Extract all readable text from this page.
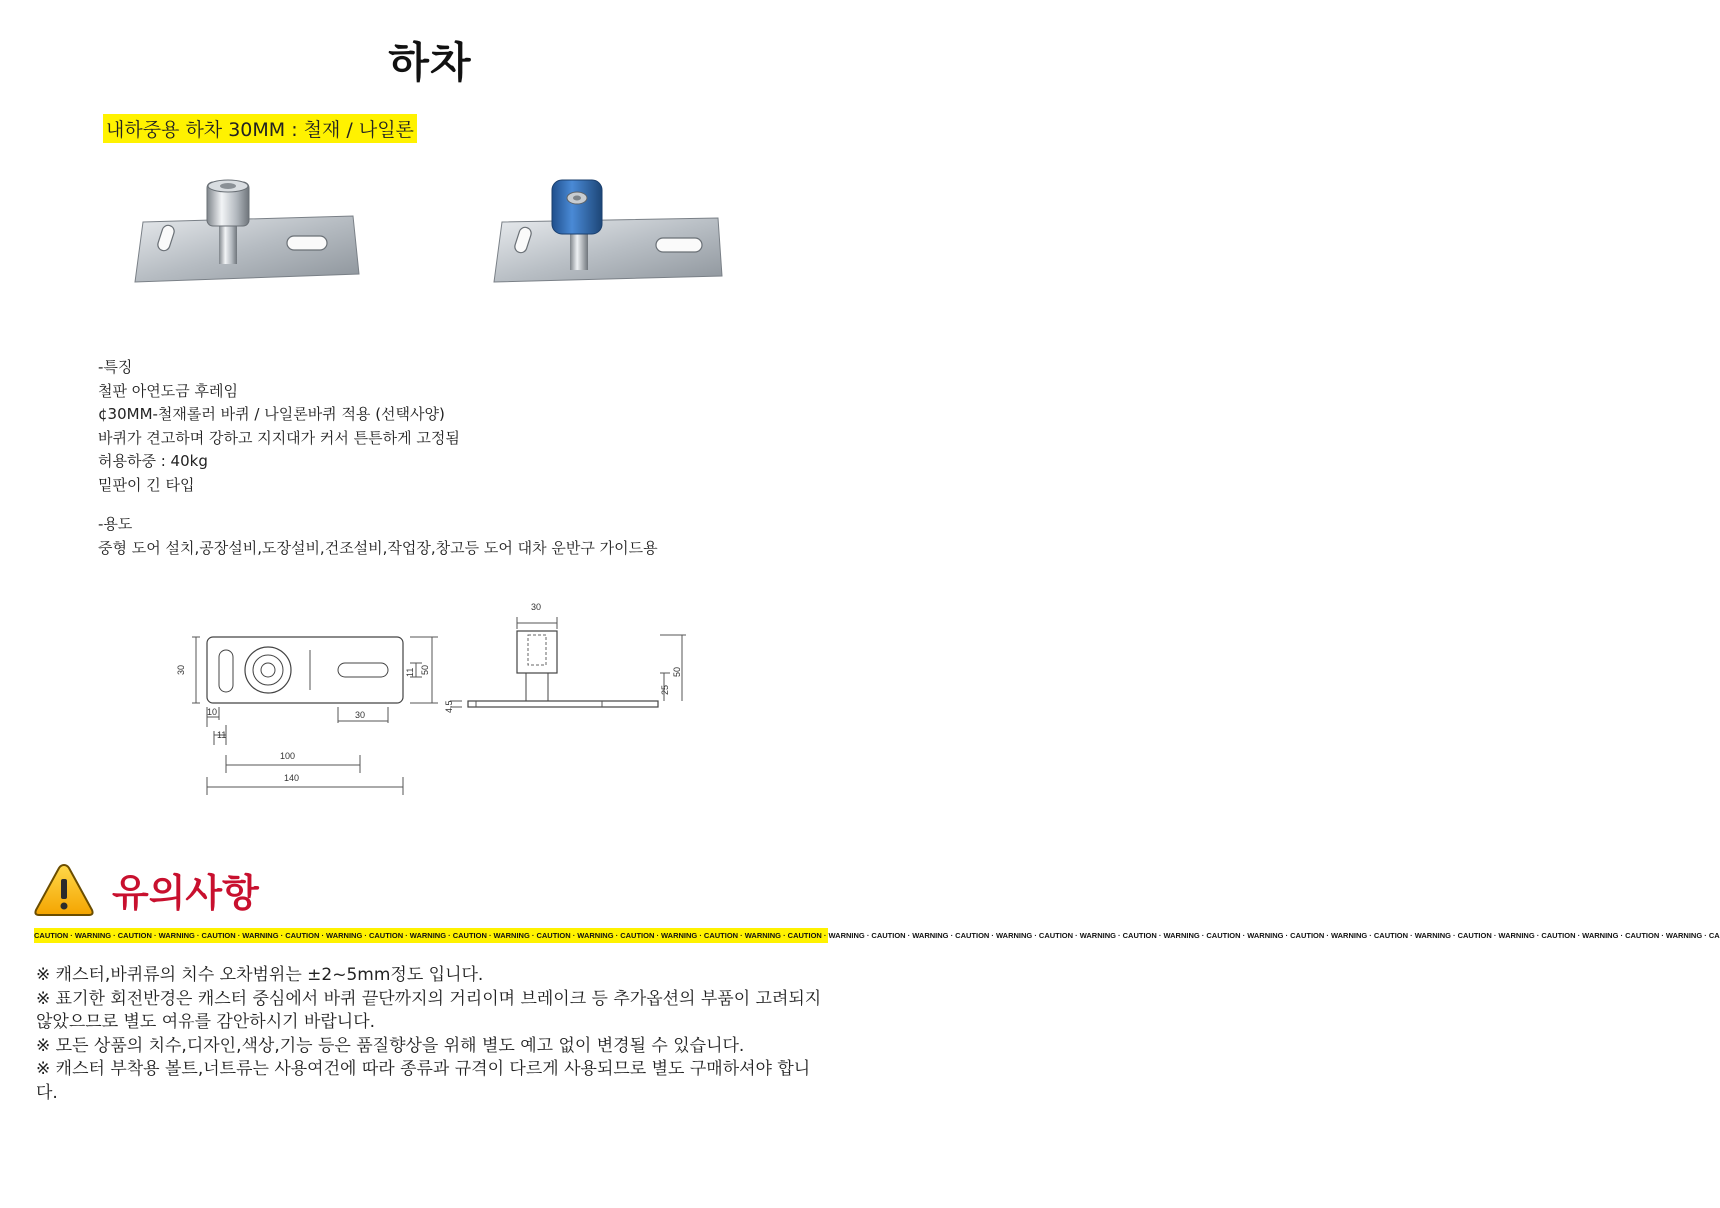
하차
내하중용 하차 30MM : 철재 / 나일론
-특징
철판 아연도금 후레임
¢30MM-철재롤러 바퀴 / 나일론바퀴 적용 (선택사양)
바퀴가 견고하며 강하고 지지대가 커서 튼튼하게 고정됨
허용하중 : 40kg
밑판이 긴 타입
-용도
중형 도어 설치,공장설비,도장설비,건조설비,작업장,창고등 도어 대차 운반구 가이드용
30	11 50
10
11
30
100
140
30
4.5
25
50
유의사항
CAUTION · WARNING · CAUTION · WARNING · CAUTION · WARNING · CAUTION · WARNING · CAUTION · WARNING · CAUTION · WARNING · CAUTION · WARNING · CAUTION · WARNING · CAUTION · WARNING · CAUTION · WARNING · CAUTION · WARNING · CAUTION · WARNING · CAUTION · WARNING · CAUTION · WARNING · CAUTION · WARNING · CAUTION · WARNING · CAUTION · WARNING · CAUTION · WARNING · CAUTION · WARNING · CAUTION · WARNING · CA
※ 캐스터,바퀴류의 치수 오차범위는 ±2~5mm정도 입니다.
※ 표기한 회전반경은 캐스터 중심에서 바퀴 끝단까지의 거리이며 브레이크 등 추가옵션의 부품이 고려되지 않았으므로 별도 여유를 감안하시기 바랍니다.
※ 모든 상품의 치수,디자인,색상,기능 등은 품질향상을 위해 별도 예고 없이 변경될 수 있습니다.
※ 캐스터 부착용 볼트,너트류는 사용여건에 따라 종류과 규격이 다르게 사용되므로 별도 구매하셔야 합니다.
